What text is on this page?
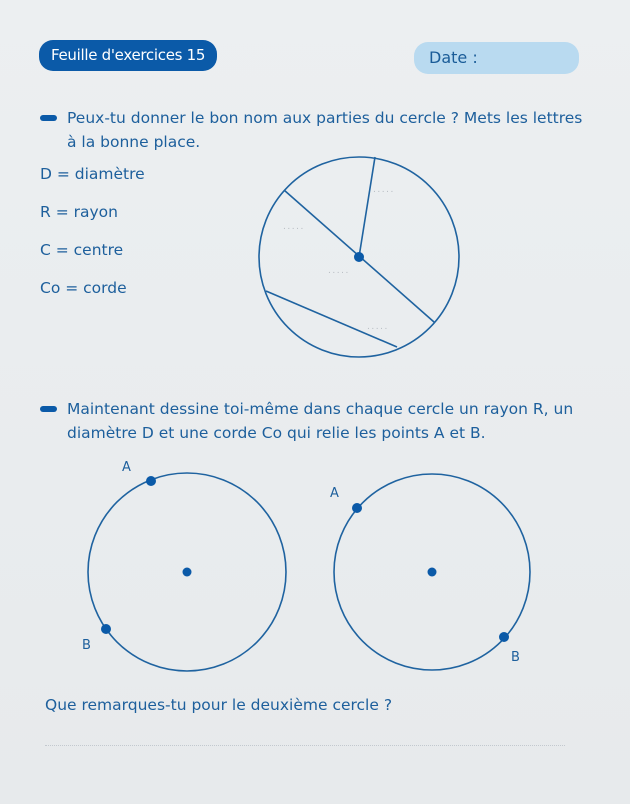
Feuille d'exercices 15	Date :
Peux-tu donner le bon nom aux parties du cercle ? Mets les lettres
à la bonne place.
D = diamètre
R = rayon
C = centre
Co = corde
Maintenant dessine toi-même dans chaque cercle un rayon R, un
diamètre D et une corde Co qui relie les points A et B.
.....
.....
.....
.....
A
B
A
B
Que remarques-tu pour le deuxième cercle ?
